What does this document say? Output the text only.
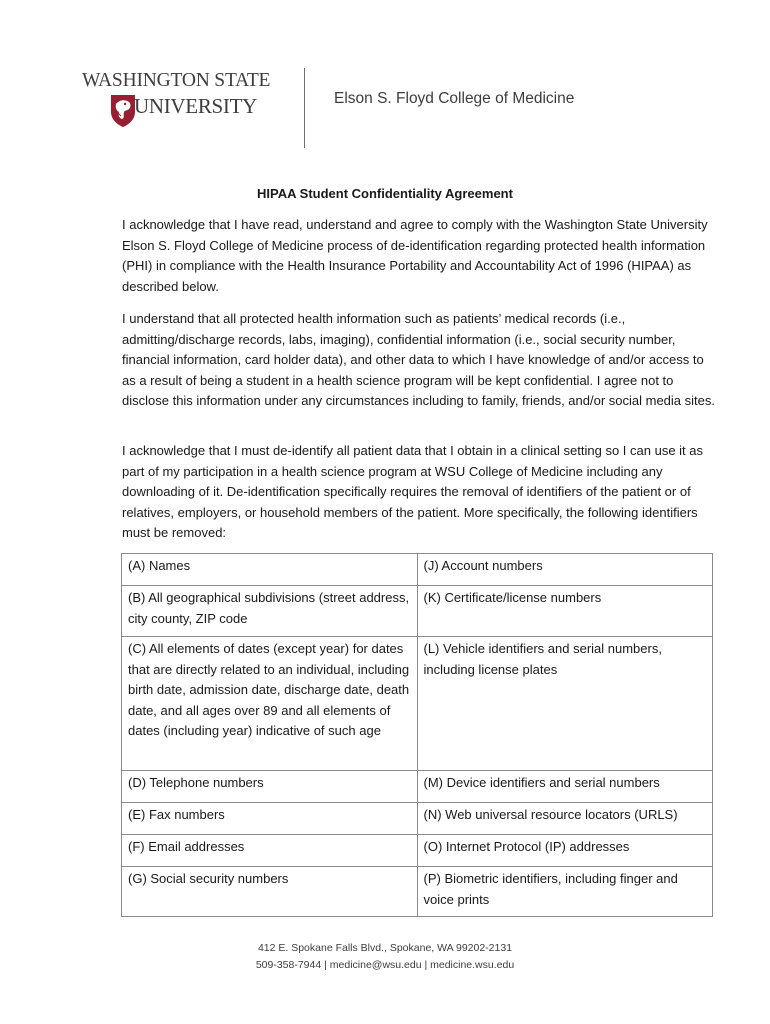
WASHINGTON STATE
UNIVERSITY	Elson S. Floyd College of Medicine
HIPAA Student Confidentiality Agreement

I acknowledge that I have read, understand and agree to comply with the Washington State University Elson S. Floyd College of Medicine process of de-identification regarding protected health information (PHI) in compliance with the Health Insurance Portability and Accountability Act of 1996 (HIPAA) as described below.

I understand that all protected health information such as patients’ medical records (i.e., admitting/discharge records, labs, imaging), confidential information (i.e., social security number, financial information, card holder data), and other data to which I have knowledge of and/or access to as a result of being a student in a health science program will be kept confidential. I agree not to disclose this information under any circumstances including to family, friends, and/or social media sites.

I acknowledge that I must de-identify all patient data that I obtain in a clinical setting so I can use it as part of my participation in a health science program at WSU College of Medicine including any downloading of it. De-identification specifically requires the removal of identifiers of the patient or of relatives, employers, or household members of the patient. More specifically, the following identifiers must be removed:

(A) Names	(J) Account numbers
(B) All geographical subdivisions (street address, city county, ZIP code	(K) Certificate/license numbers
(C) All elements of dates (except year) for dates that are directly related to an individual, including birth date, admission date, discharge date, death date, and all ages over 89 and all elements of dates (including year) indicative of such age	(L) Vehicle identifiers and serial numbers, including license plates
(D) Telephone numbers	(M) Device identifiers and serial numbers
(E) Fax numbers	(N) Web universal resource locators (URLS)
(F) Email addresses	(O) Internet Protocol (IP) addresses
(G) Social security numbers	(P) Biometric identifiers, including finger and voice prints
412 E. Spokane Falls Blvd., Spokane, WA 99202-2131
509-358-7944 | medicine@wsu.edu | medicine.wsu.edu
